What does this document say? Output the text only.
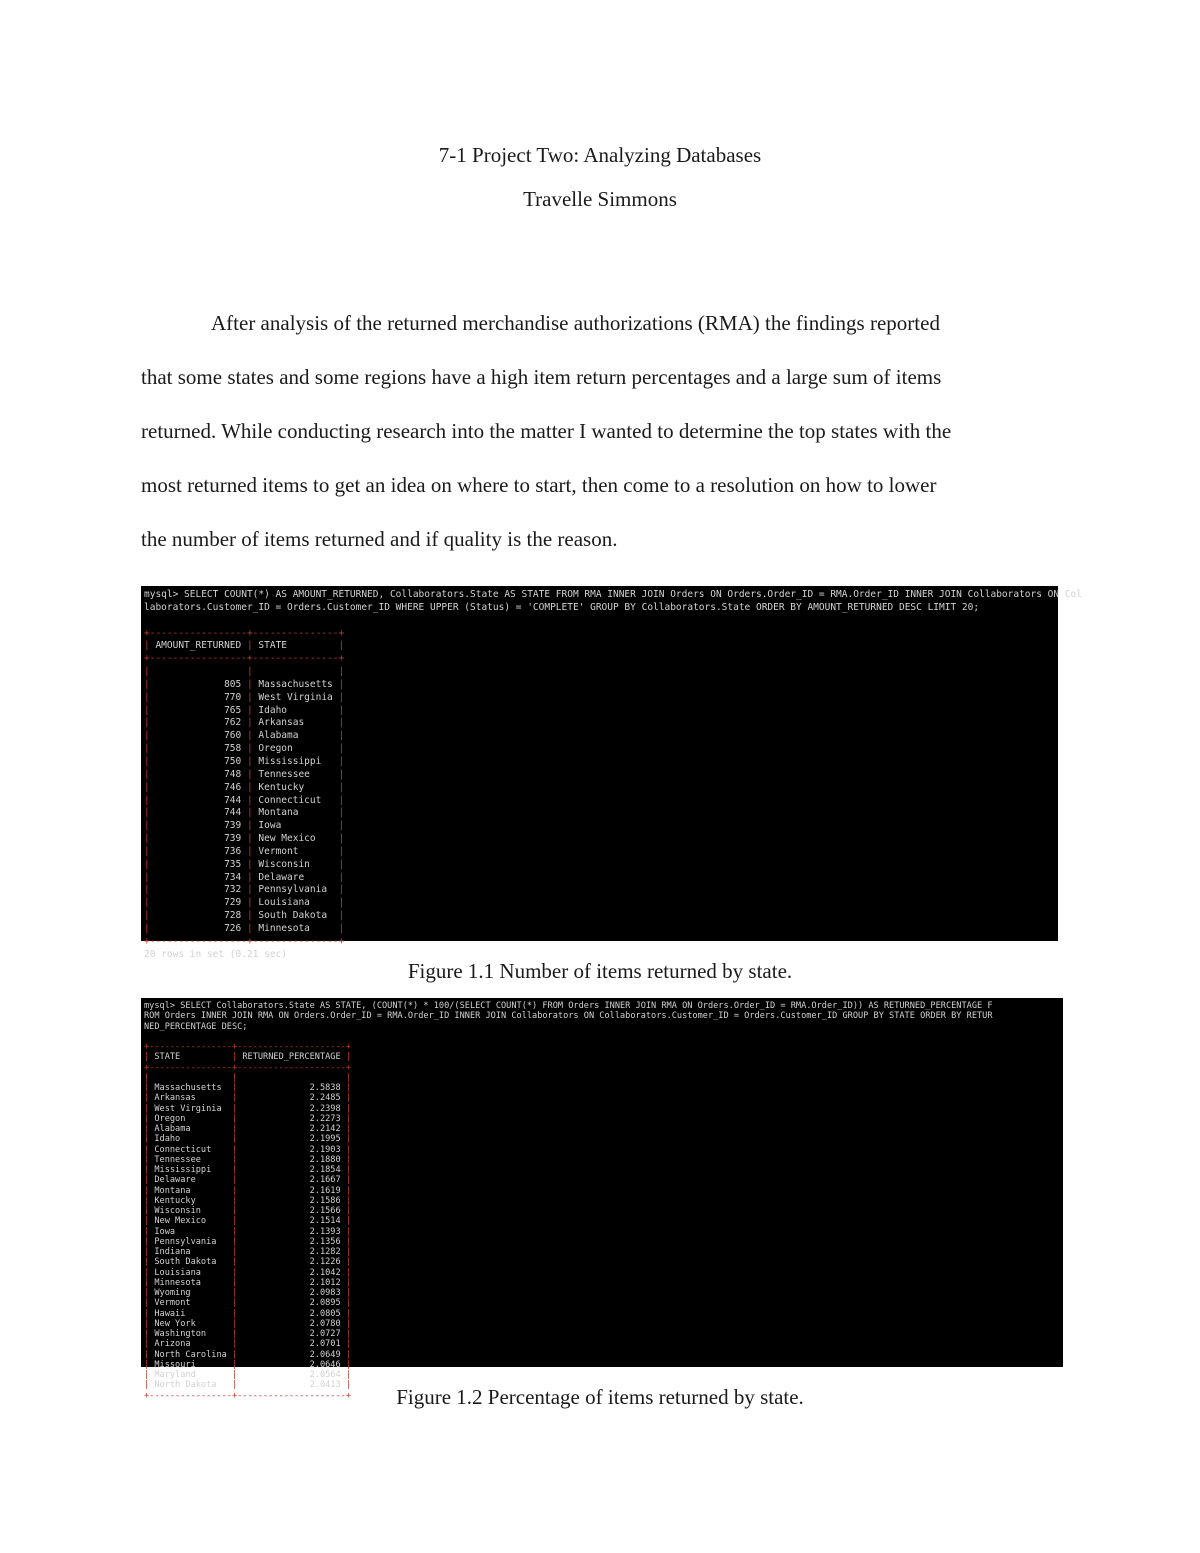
7-1 Project Two: Analyzing Databases
Travelle Simmons
After analysis of the returned merchandise authorizations (RMA) the findings reported
that some states and some regions have a high item return percentages and a large sum of items
returned. While conducting research into the matter I wanted to determine the top states with the
most returned items to get an idea on where to start, then come to a resolution on how to lower
the number of items returned and if quality is the reason.
mysql> SELECT COUNT(*) AS AMOUNT_RETURNED, Collaborators.State AS STATE FROM RMA INNER JOIN Orders ON Orders.Order_ID = RMA.Order_ID INNER JOIN Collaborators ON Col
laborators.Customer_ID = Orders.Customer_ID WHERE UPPER (Status) = 'COMPLETE' GROUP BY Collaborators.State ORDER BY AMOUNT_RETURNED DESC LIMIT 20;

+-----------------+---------------+
| AMOUNT_RETURNED | STATE         |
+-----------------+---------------+
|	|	|
|             805 | Massachusetts |
|             770 | West Virginia |
|             765 | Idaho         |
|             762 | Arkansas      |
|             760 | Alabama       |
|             758 | Oregon        |
|             750 | Mississippi   |
|             748 | Tennessee     |
|             746 | Kentucky      |
|             744 | Connecticut   |
|             744 | Montana       |
|             739 | Iowa          |
|             739 | New Mexico    |
|             736 | Vermont       |
|             735 | Wisconsin     |
|             734 | Delaware      |
|             732 | Pennsylvania  |
|             729 | Louisiana     |
|             728 | South Dakota  |
|             726 | Minnesota     |
+-----------------+---------------+
20 rows in set (0.21 sec)
Figure 1.1 Number of items returned by state.
mysql> SELECT Collaborators.State AS STATE, (COUNT(*) * 100/(SELECT COUNT(*) FROM Orders INNER JOIN RMA ON Orders.Order_ID = RMA.Order_ID)) AS RETURNED_PERCENTAGE F
ROM Orders INNER JOIN RMA ON Orders.Order_ID = RMA.Order_ID INNER JOIN Collaborators ON Collaborators.Customer_ID = Orders.Customer_ID GROUP BY STATE ORDER BY RETUR
NED_PERCENTAGE DESC;

+----------------+---------------------+
| STATE          | RETURNED_PERCENTAGE |
+----------------+---------------------+
|	|	|
| Massachusetts  |              2.5838 |
| Arkansas       |              2.2485 |
| West Virginia  |              2.2398 |
| Oregon         |              2.2273 |
| Alabama        |              2.2142 |
| Idaho          |              2.1995 |
| Connecticut    |              2.1903 |
| Tennessee      |              2.1880 |
| Mississippi    |              2.1854 |
| Delaware       |              2.1667 |
| Montana        |              2.1619 |
| Kentucky       |              2.1586 |
| Wisconsin      |              2.1566 |
| New Mexico     |              2.1514 |
| Iowa           |              2.1393 |
| Pennsylvania   |              2.1356 |
| Indiana        |              2.1282 |
| South Dakota   |              2.1226 |
| Louisiana      |              2.1042 |
| Minnesota      |              2.1012 |
| Wyoming        |              2.0983 |
| Vermont        |              2.0895 |
| Hawaii         |              2.0805 |
| New York       |              2.0780 |
| Washington     |              2.0727 |
| Arizona        |              2.0701 |
| North Carolina |              2.0649 |
| Missouri       |              2.0646 |
| Maryland       |              2.0564 |
| North Dakota   |              2.0413 |
+----------------+---------------------+	Figure 1.2 Percentage of items returned by state.
